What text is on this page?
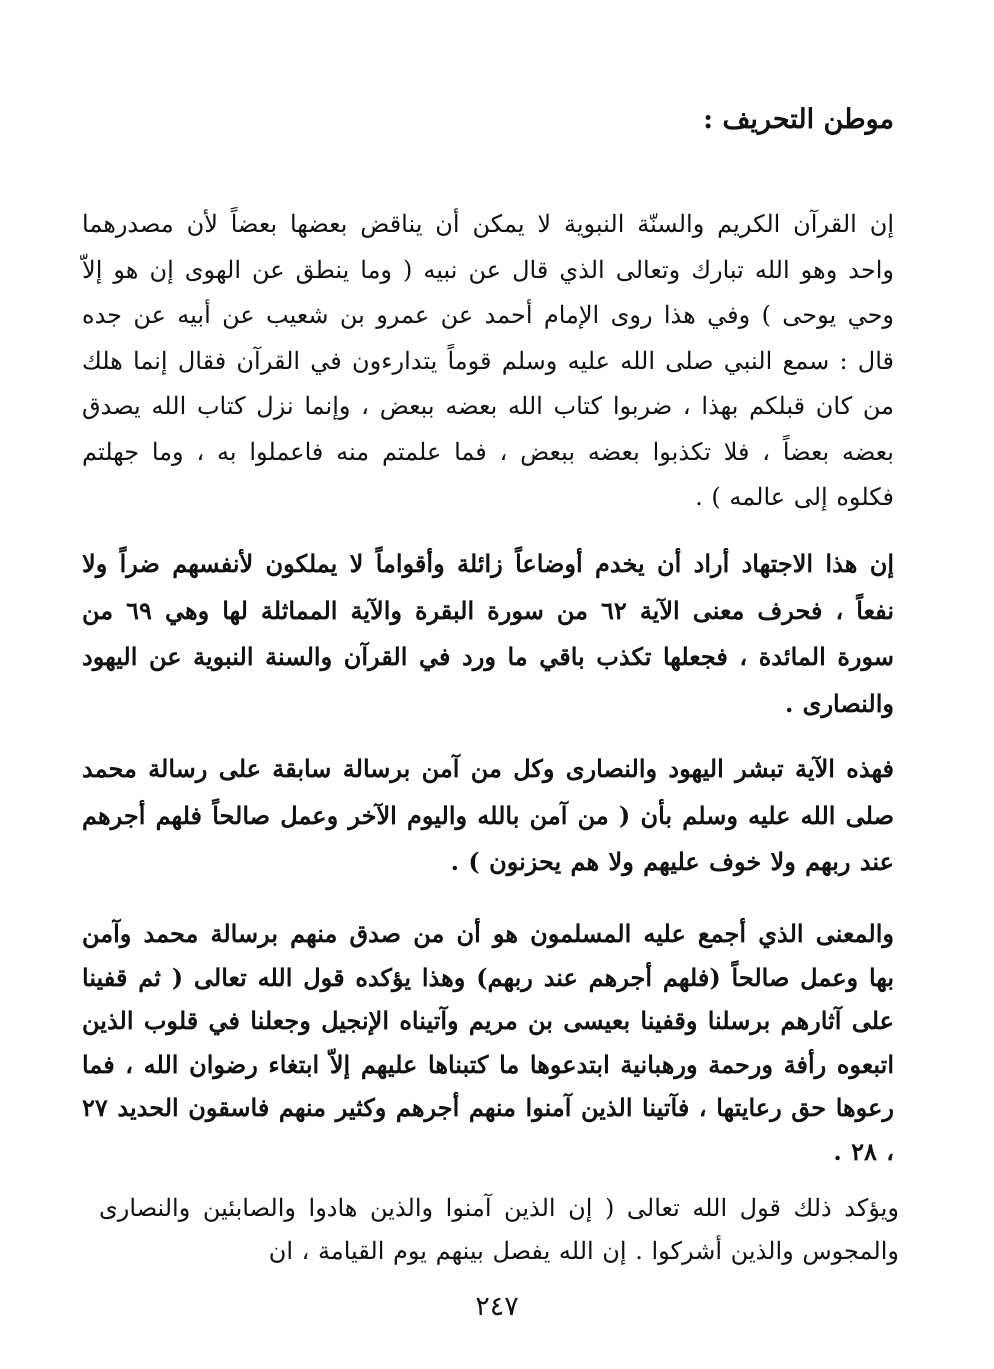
موطن التحريف :

إن القرآن الكريم والسنّة النبوية لا يمكن أن يناقض بعضها بعضاً لأن مصدرهما واحد وهو الله تبارك وتعالى الذي قال عن نبيه ( وما ينطق عن الهوى إن هو إلاّ وحي يوحى ) وفي هذا روى الإمام أحمد عن عمرو بن شعيب عن أبيه عن جده قال : سمع النبي صلى الله عليه وسلم قوماً يتدارءون في القرآن فقال إنما هلك من كان قبلكم بهذا ، ضربوا كتاب الله بعضه ببعض ، وإنما نزل كتاب الله يصدق بعضه بعضاً ، فلا تكذبوا بعضه ببعض ، فما علمتم منه فاعملوا به ، وما جهلتم فكلوه إلى عالمه ) .

إن هذا الاجتهاد أراد أن يخدم أوضاعاً زائلة وأقواماً لا يملكون لأنفسهم ضراً ولا نفعاً ، فحرف معنى الآية ٦٢ من سورة البقرة والآية المماثلة لها وهي ٦٩ من سورة المائدة ، فجعلها تكذب باقي ما ورد في القرآن والسنة النبوية عن اليهود والنصارى .

فهذه الآية تبشر اليهود والنصارى وكل من آمن برسالة سابقة على رسالة محمد صلى الله عليه وسلم بأن ( من آمن بالله واليوم الآخر وعمل صالحاً فلهم أجرهم عند ربهم ولا خوف عليهم ولا هم يحزنون ) .

والمعنى الذي أجمع عليه المسلمون هو أن من صدق منهم برسالة محمد وآمن بها وعمل صالحاً (فلهم أجرهم عند ربهم) وهذا يؤكده قول الله تعالى ( ثم قفينا على آثارهم برسلنا وقفينا بعيسى بن مريم وآتيناه الإنجيل وجعلنا في قلوب الذين اتبعوه رأفة ورحمة ورهبانية ابتدعوها ما كتبناها عليهم إلاّ ابتغاء رضوان الله ، فما رعوها حق رعايتها ، فآتينا الذين آمنوا منهم أجرهم وكثير منهم فاسقون الحديد ٢٧ ، ٢٨ .

ويؤكد ذلك قول الله تعالى ( إن الذين آمنوا والذين هادوا والصابئين والنصارى والمجوس والذين أشركوا . إن الله يفصل بينهم يوم القيامة ، ان

٢٤٧
